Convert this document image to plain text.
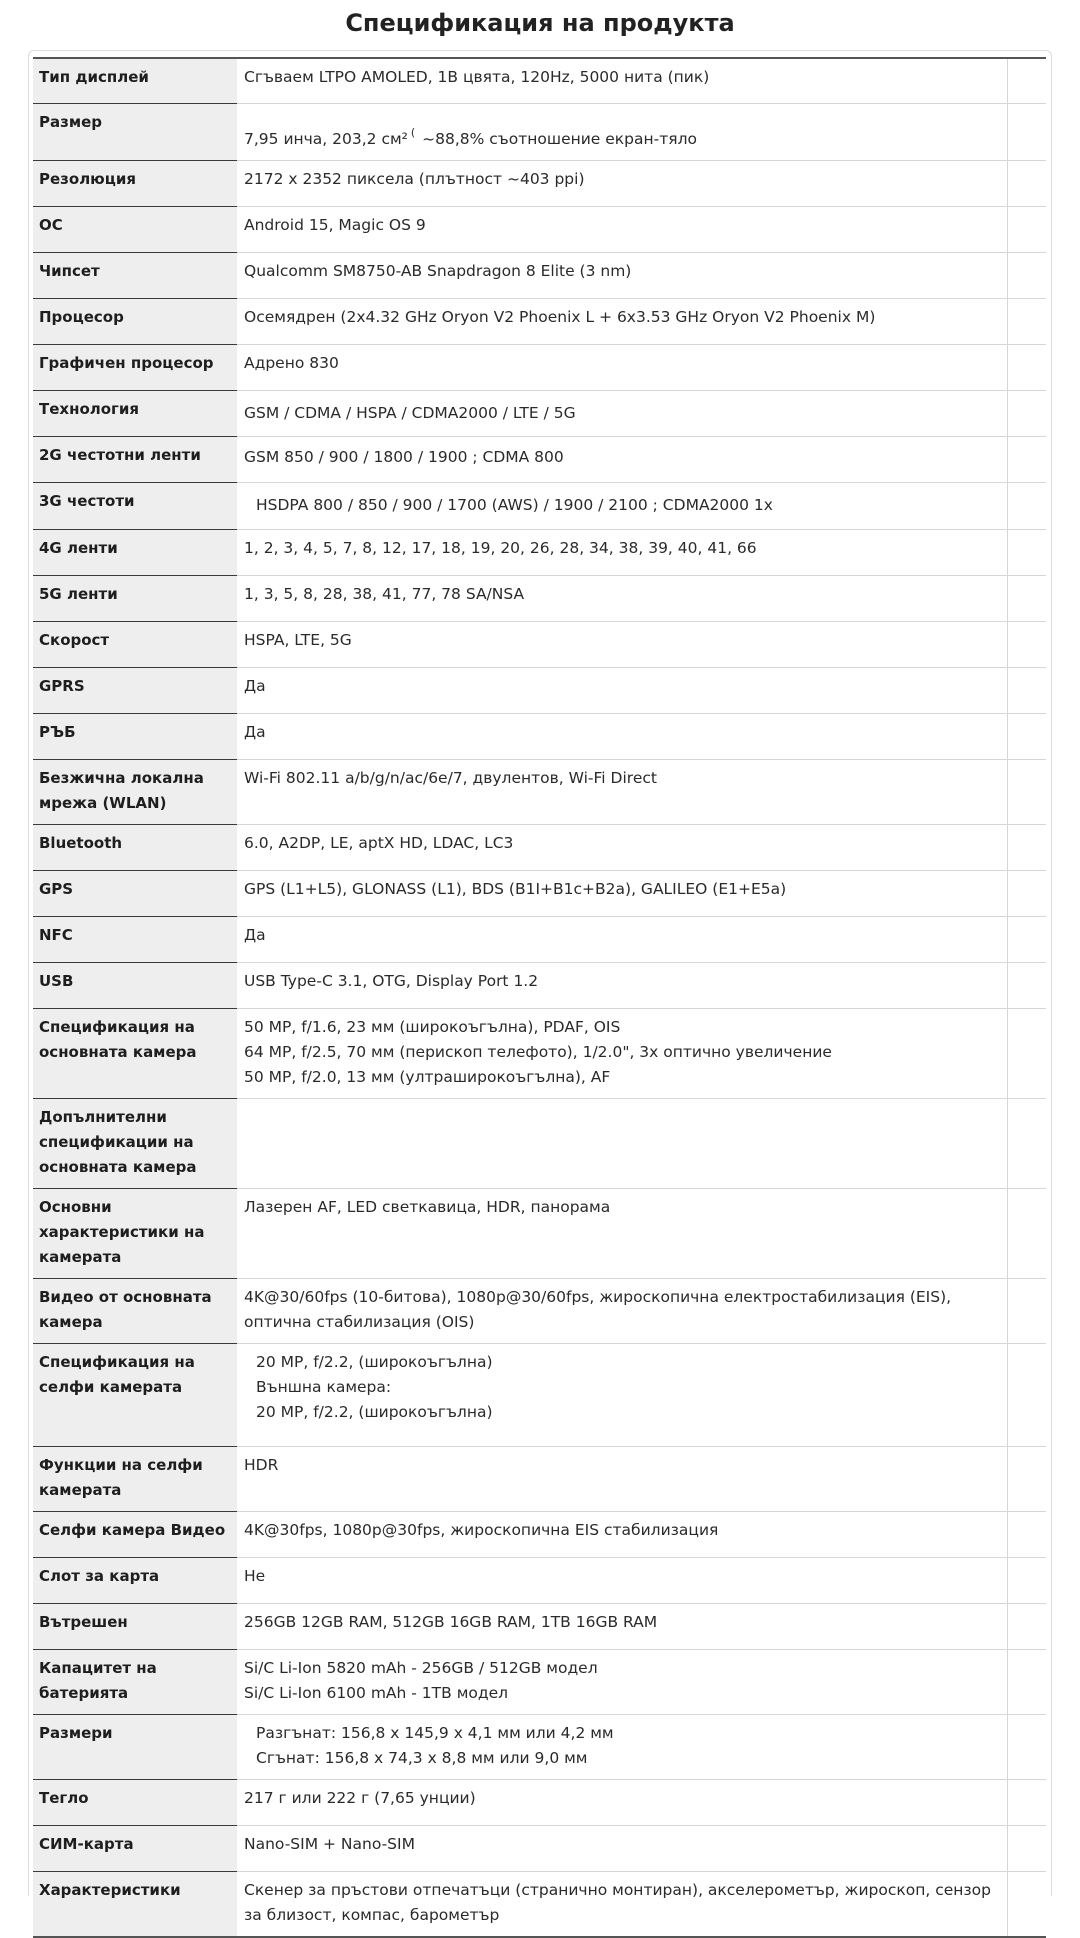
Спецификация на продукта
Тип дисплей	Сгъваем LTPO AMOLED, 1B цвята, 120Hz, 5000 нита (пик)	

Размер	7,95 инча, 203,2 см² ( ~88,8% съотношение екран-тяло	

Резолюция	2172 x 2352 пиксела (плътност ~403 ppi)	

ОС	Android 15, Magic OS 9	

Чипсет	Qualcomm SM8750-AB Snapdragon 8 Elite (3 nm)	

Процесор	Осемядрен (2x4.32 GHz Oryon V2 Phoenix L + 6x3.53 GHz Oryon V2 Phoenix M)	

Графичен процесор	Адрено 830	

Технология	GSM / CDMA / HSPA / CDMA2000 / LTE / 5G	

2G честотни ленти	GSM 850 / 900 / 1800 / 1900 ; CDMA 800	

3G честоти	HSDPA 800 / 850 / 900 / 1700 (AWS) / 1900 / 2100 ; CDMA2000 1x	

4G ленти	1, 2, 3, 4, 5, 7, 8, 12, 17, 18, 19, 20, 26, 28, 34, 38, 39, 40, 41, 66	

5G ленти	1, 3, 5, 8, 28, 38, 41, 77, 78 SA/NSA	

Скорост	HSPA, LTE, 5G	

GPRS	Да	

РЪБ	Да	

Безжична локална мрежа (WLAN)	Wi-Fi 802.11 a/b/g/n/ac/6e/7, двулентов, Wi-Fi Direct	

Bluetooth	6.0, A2DP, LE, aptX HD, LDAC, LC3	

GPS	GPS (L1+L5), GLONASS (L1), BDS (B1I+B1c+B2a), GALILEO (E1+E5a)	

NFC	Да	

USB	USB Type-C 3.1, OTG, Display Port 1.2	

Спецификация на основната камера	50 MP, f/1.6, 23 мм (широкоъгълна), PDAF, OIS
64 MP, f/2.5, 70 мм (перископ телефото), 1/2.0", 3x оптично увеличение
50 MP, f/2.0, 13 мм (ултраширокоъгълна), AF	

Допълнителни спецификации на основната камера		
Основни характеристики на камерата	Лазерен AF, LED светкавица, HDR, панорама	

Видео от основната камера	4K@30/60fps (10-битова), 1080p@30/60fps, жироскопична електростабилизация (EIS), оптична стабилизация (OIS)	
Спецификация на селфи камерата	20 MP, f/2.2, (широкоъгълна)
Външна камера:
20 MP, f/2.2, (широкоъгълна)	

Функции на селфи камерата	HDR	

Селфи камера Видео	4K@30fps, 1080p@30fps, жироскопична EIS стабилизация	

Слот за карта	Не	

Вътрешен	256GB 12GB RAM, 512GB 16GB RAM, 1TB 16GB RAM	

Капацитет на батерията	Si/C Li-Ion 5820 mAh - 256GB / 512GB модел
Si/C Li-Ion 6100 mAh - 1TB модел	

Размери	Разгънат: 156,8 x 145,9 x 4,1 мм или 4,2 мм
Сгънат: 156,8 x 74,3 x 8,8 мм или 9,0 мм	

Тегло	217 г или 222 г (7,65 унции)	

СИМ-карта	Nano-SIM + Nano-SIM	

Характеристики	Скенер за пръстови отпечатъци (странично монтиран), акселерометър, жироскоп, сензор за близост, компас, барометър	
